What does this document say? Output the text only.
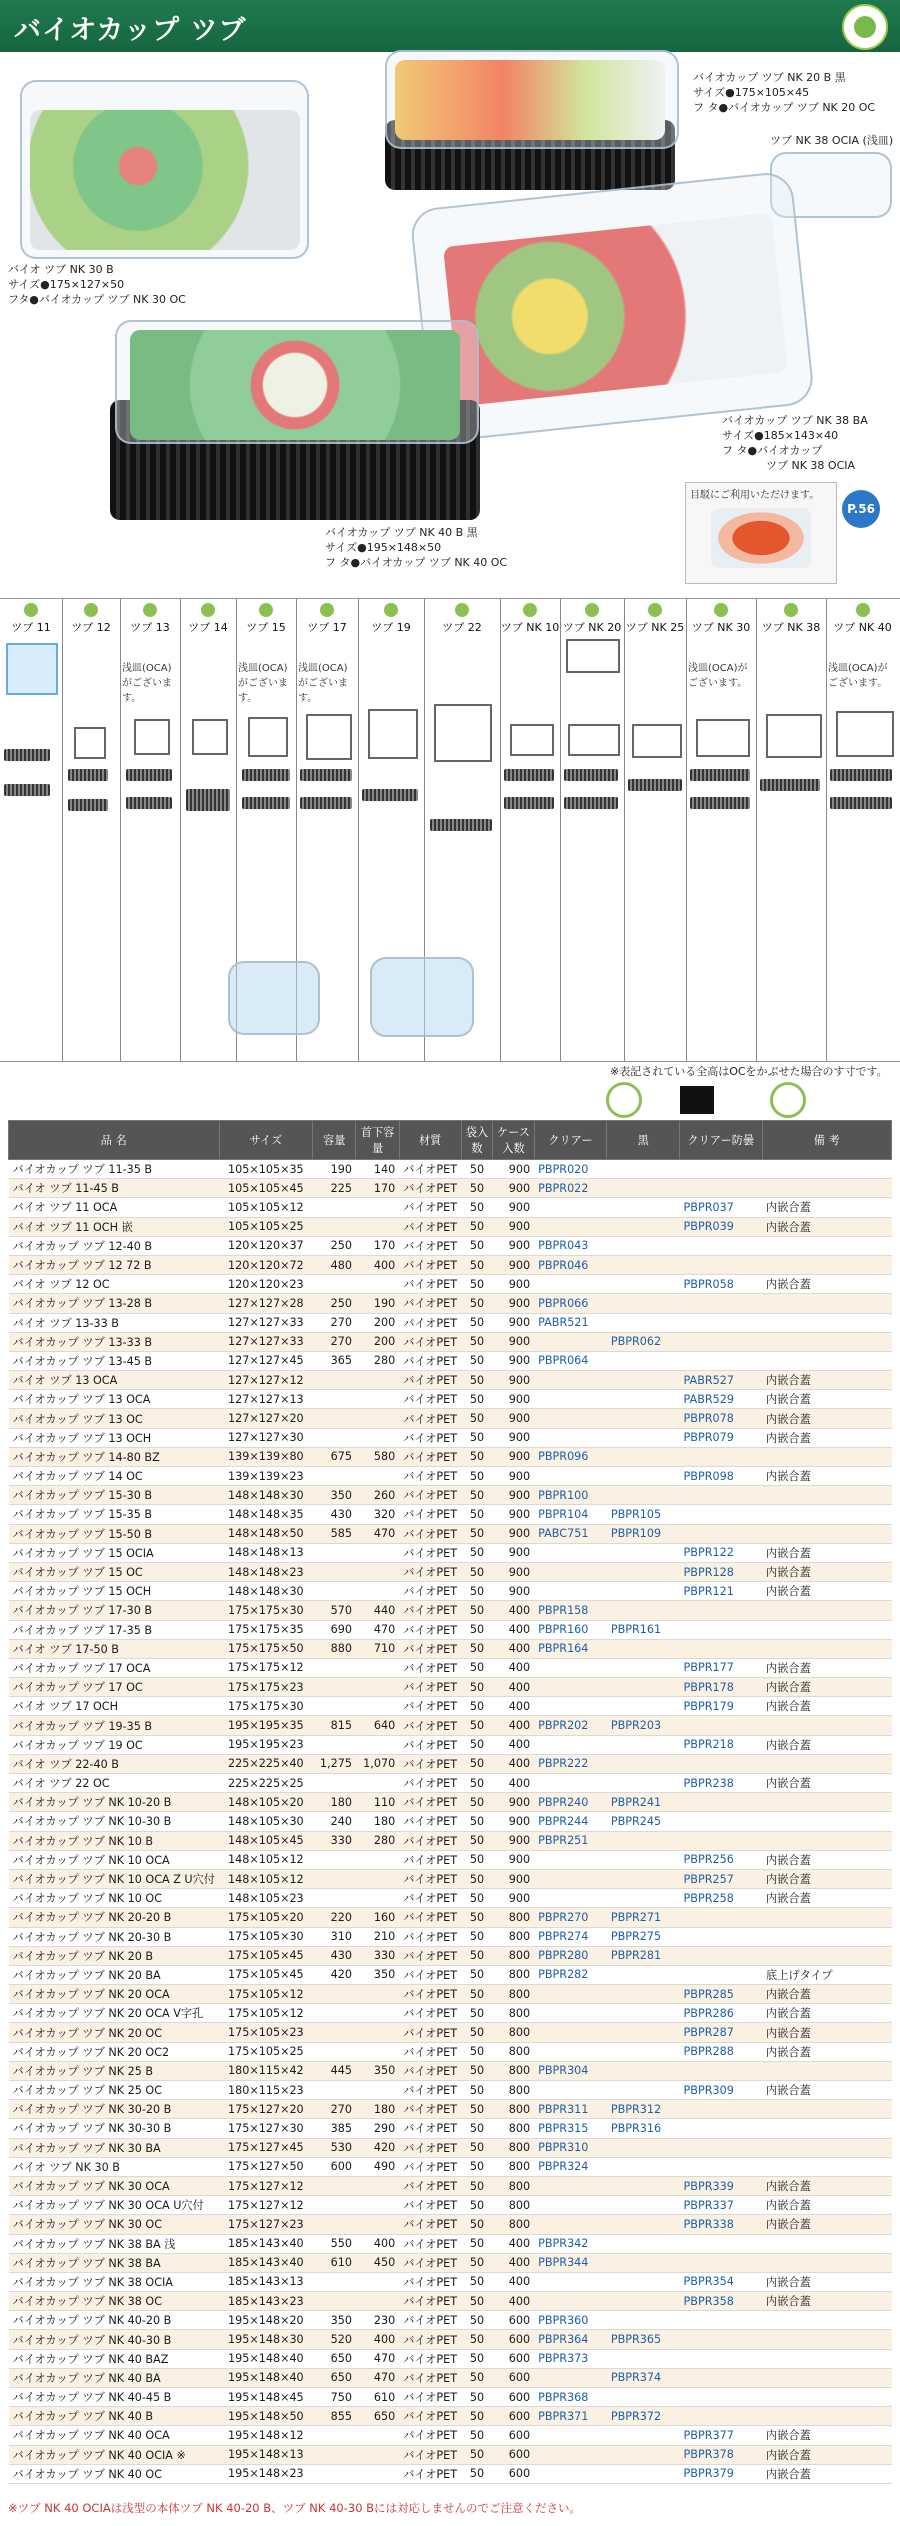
バイオカップ ツブ
バイオ ツブ NK 30 B
サイズ●175×127×50
フタ●バイオカップ ツブ NK 30 OC
バイオカップ ツブ NK 20 B 黒
サイズ●175×105×45
フ タ●バイオカップ ツブ NK 20 OC
ツブ NK 38 OCIA (浅皿)
バイオカップ ツブ NK 38 BA
サイズ●185×143×40
フ タ●バイオカップ
ツブ NK 38 OCIA
バイオカップ ツブ NK 40 B 黒
サイズ●195×148×50
フ タ●バイオカップ ツブ NK 40 OC
目駁にご利用いただけます。
P.56
ツブ 11	ツブ 12	ツブ 13
浅皿(OCA)がございます。
ツブ 14	ツブ 15
浅皿(OCA)がございます。
ツブ 17
浅皿(OCA)がございます。
ツブ 19	ツブ 22	ツブ NK 10 ツブ NK 20 ツブ NK 25 ツブ NK 30
浅皿(OCA)がございます。
ツブ NK 38	ツブ NK 40
浅皿(OCA)がございます。
※表記されている全高はOCをかぶせた場合のす寸です。
品 名	サイズ	容量	首下容量	材質	袋入数	ケース入数	クリアー	黒	クリアー防曇	備 考
バイオカップ ツブ 11-35 B	105×105×35	190	140	バイオPET	50	900	PBPR020			
バイオ ツブ 11-45 B	105×105×45	225	170	バイオPET	50	900	PBPR022			
バイオ ツブ 11 OCA	105×105×12			バイオPET	50	900			PBPR037	内嵌合蓋
バイオ ツブ 11 OCH 嵌	105×105×25			バイオPET	50	900			PBPR039	内嵌合蓋
バイオカップ ツブ 12-40 B	120×120×37	250	170	バイオPET	50	900	PBPR043			
バイオカップ ツブ 12 72 B	120×120×72	480	400	バイオPET	50	900	PBPR046			
バイオ ツブ 12 OC	120×120×23			バイオPET	50	900			PBPR058	内嵌合蓋
バイオカップ ツブ 13-28 B	127×127×28	250	190	バイオPET	50	900	PBPR066			
バイオ ツブ 13-33 B	127×127×33	270	200	バイオPET	50	900	PABR521			
バイオカップ ツブ 13-33 B	127×127×33	270	200	バイオPET	50	900		PBPR062		
バイオカップ ツブ 13-45 B	127×127×45	365	280	バイオPET	50	900	PBPR064			
バイオ ツブ 13 OCA	127×127×12			バイオPET	50	900			PABR527	内嵌合蓋
バイオカップ ツブ 13 OCA	127×127×13			バイオPET	50	900			PABR529	内嵌合蓋
バイオカップ ツブ 13 OC	127×127×20			バイオPET	50	900			PBPR078	内嵌合蓋
バイオカップ ツブ 13 OCH	127×127×30			バイオPET	50	900			PBPR079	内嵌合蓋
バイオカップ ツブ 14-80 BZ	139×139×80	675	580	バイオPET	50	900	PBPR096			
バイオカップ ツブ 14 OC	139×139×23			バイオPET	50	900			PBPR098	内嵌合蓋
バイオカップ ツブ 15-30 B	148×148×30	350	260	バイオPET	50	900	PBPR100			
バイオカップ ツブ 15-35 B	148×148×35	430	320	バイオPET	50	900	PBPR104	PBPR105		
バイオカップ ツブ 15-50 B	148×148×50	585	470	バイオPET	50	900	PABC751	PBPR109		
バイオカップ ツブ 15 OCIA	148×148×13			バイオPET	50	900			PBPR122	内嵌合蓋
バイオカップ ツブ 15 OC	148×148×23			バイオPET	50	900			PBPR128	内嵌合蓋
バイオカップ ツブ 15 OCH	148×148×30			バイオPET	50	900			PBPR121	内嵌合蓋
バイオカップ ツブ 17-30 B	175×175×30	570	440	バイオPET	50	400	PBPR158			
バイオカップ ツブ 17-35 B	175×175×35	690	470	バイオPET	50	400	PBPR160	PBPR161		
バイオ ツブ 17-50 B	175×175×50	880	710	バイオPET	50	400	PBPR164			
バイオカップ ツブ 17 OCA	175×175×12			バイオPET	50	400			PBPR177	内嵌合蓋
バイオカップ ツブ 17 OC	175×175×23			バイオPET	50	400			PBPR178	内嵌合蓋
バイオ ツブ 17 OCH	175×175×30			バイオPET	50	400			PBPR179	内嵌合蓋
バイオカップ ツブ 19-35 B	195×195×35	815	640	バイオPET	50	400	PBPR202	PBPR203		
バイオカップ ツブ 19 OC	195×195×23			バイオPET	50	400			PBPR218	内嵌合蓋
バイオ ツブ 22-40 B	225×225×40	1,275	1,070	バイオPET	50	400	PBPR222			
バイオ ツブ 22 OC	225×225×25			バイオPET	50	400			PBPR238	内嵌合蓋
バイオカップ ツブ NK 10-20 B	148×105×20	180	110	バイオPET	50	900	PBPR240	PBPR241		
バイオカップ ツブ NK 10-30 B	148×105×30	240	180	バイオPET	50	900	PBPR244	PBPR245		
バイオカップ ツブ NK 10 B	148×105×45	330	280	バイオPET	50	900	PBPR251			
バイオカップ ツブ NK 10 OCA	148×105×12			バイオPET	50	900			PBPR256	内嵌合蓋
バイオカップ ツブ NK 10 OCA Z U穴付	148×105×12			バイオPET	50	900			PBPR257	内嵌合蓋
バイオカップ ツブ NK 10 OC	148×105×23			バイオPET	50	900			PBPR258	内嵌合蓋
バイオカップ ツブ NK 20-20 B	175×105×20	220	160	バイオPET	50	800	PBPR270	PBPR271		
バイオカップ ツブ NK 20-30 B	175×105×30	310	210	バイオPET	50	800	PBPR274	PBPR275		
バイオカップ ツブ NK 20 B	175×105×45	430	330	バイオPET	50	800	PBPR280	PBPR281		
バイオカップ ツブ NK 20 BA	175×105×45	420	350	バイオPET	50	800	PBPR282			底上げタイプ
バイオカップ ツブ NK 20 OCA	175×105×12			バイオPET	50	800			PBPR285	内嵌合蓋
バイオカップ ツブ NK 20 OCA V字孔	175×105×12			バイオPET	50	800			PBPR286	内嵌合蓋
バイオカップ ツブ NK 20 OC	175×105×23			バイオPET	50	800			PBPR287	内嵌合蓋
バイオカップ ツブ NK 20 OC2	175×105×25			バイオPET	50	800			PBPR288	内嵌合蓋
バイオカップ ツブ NK 25 B	180×115×42	445	350	バイオPET	50	800	PBPR304			
バイオカップ ツブ NK 25 OC	180×115×23			バイオPET	50	800			PBPR309	内嵌合蓋
バイオカップ ツブ NK 30-20 B	175×127×20	270	180	バイオPET	50	800	PBPR311	PBPR312		
バイオカップ ツブ NK 30-30 B	175×127×30	385	290	バイオPET	50	800	PBPR315	PBPR316		
バイオカップ ツブ NK 30 BA	175×127×45	530	420	バイオPET	50	800	PBPR310			
バイオ ツブ NK 30 B	175×127×50	600	490	バイオPET	50	800	PBPR324			
バイオカップ ツブ NK 30 OCA	175×127×12			バイオPET	50	800			PBPR339	内嵌合蓋
バイオカップ ツブ NK 30 OCA U穴付	175×127×12			バイオPET	50	800			PBPR337	内嵌合蓋
バイオカップ ツブ NK 30 OC	175×127×23			バイオPET	50	800			PBPR338	内嵌合蓋
バイオカップ ツブ NK 38 BA 浅	185×143×40	550	400	バイオPET	50	400	PBPR342			
バイオカップ ツブ NK 38 BA	185×143×40	610	450	バイオPET	50	400	PBPR344			
バイオカップ ツブ NK 38 OCIA	185×143×13			バイオPET	50	400			PBPR354	内嵌合蓋
バイオカップ ツブ NK 38 OC	185×143×23			バイオPET	50	400			PBPR358	内嵌合蓋
バイオカップ ツブ NK 40-20 B	195×148×20	350	230	バイオPET	50	600	PBPR360			
バイオカップ ツブ NK 40-30 B	195×148×30	520	400	バイオPET	50	600	PBPR364	PBPR365		
バイオカップ ツブ NK 40 BAZ	195×148×40	650	470	バイオPET	50	600	PBPR373			
バイオカップ ツブ NK 40 BA	195×148×40	650	470	バイオPET	50	600		PBPR374		
バイオカップ ツブ NK 40-45 B	195×148×45	750	610	バイオPET	50	600	PBPR368			
バイオカップ ツブ NK 40 B	195×148×50	855	650	バイオPET	50	600	PBPR371	PBPR372		
バイオカップ ツブ NK 40 OCA	195×148×12			バイオPET	50	600			PBPR377	内嵌合蓋
バイオカップ ツブ NK 40 OCIA ※	195×148×13			バイオPET	50	600			PBPR378	内嵌合蓋
バイオカップ ツブ NK 40 OC	195×148×23			バイオPET	50	600			PBPR379	内嵌合蓋
※ツブ NK 40 OCIAは浅型の本体ツブ NK 40-20 B、ツブ NK 40-30 Bには対応しませんのでご注意ください。
